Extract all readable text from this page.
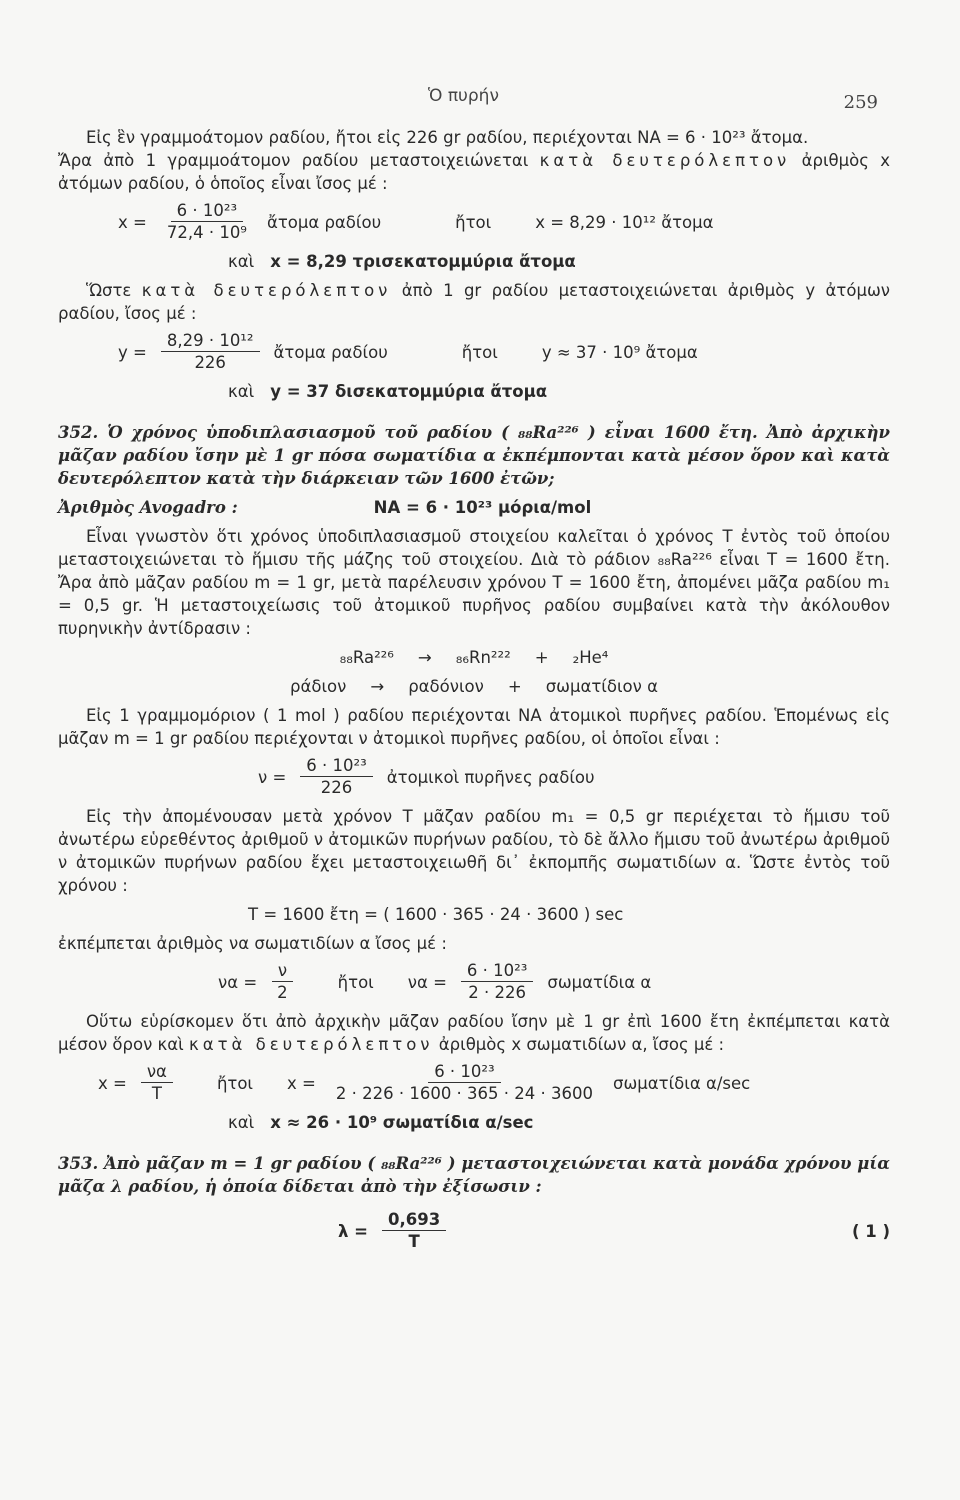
Ὁ πυρήν	259

Εἰς ἓν γραμμοάτομον ραδίου, ἤτοι εἰς 226 gr ραδίου, περιέχονται NA = 6 · 10²³ ἄτομα.

Ἄρα ἀπὸ 1 γραμμοάτομον ραδίου μεταστοιχειώνεται κατὰ δευτερόλεπτον ἀριθμὸς x ἀτόμων ραδίου, ὁ ὁποῖος εἶναι ἴσος μέ :

$x = \frac{\text{6 · 10²³}}{\text{72,4 · 10⁹}}$ ἄτομα ραδίου	ἤτοι	x = 8,29 · 10¹² ἄτομα
καὶ x = 8,29 τρισεκατομμύρια ἄτομα

Ὥστε κατὰ δευτερόλεπτον ἀπὸ 1 gr ραδίου μεταστοιχειώνεται ἀριθμὸς y ἀτόμων ραδίου, ἴσος μέ :

$y = \frac{\text{8,29 · 10¹²}}{226}$ ἄτομα ραδίου	ἤτοι	y ≈ 37 · 10⁹ ἄτομα
καὶ y = 37 δισεκατομμύρια ἄτομα

352. Ὁ χρόνος ὑποδιπλασιασμοῦ τοῦ ραδίου ( ₈₈Ra²²⁶ ) εἶναι 1600 ἔτη. Ἀπὸ ἀρχικὴν μᾶζαν ραδίου ἴσην μὲ 1 gr πόσα σωματίδια α ἐκπέμπονται κατὰ μέσον ὅρον καὶ κατὰ δευτερόλεπτον κατὰ τὴν διάρκειαν τῶν 1600 ἐτῶν;

Ἀριθμὸς Avogadro :	NA = 6 · 10²³ μόρια/mol

Εἶναι γνωστὸν ὅτι χρόνος ὑποδιπλασιασμοῦ στοιχείου καλεῖται ὁ χρόνος T ἐντὸς τοῦ ὁποίου μεταστοιχειώνεται τὸ ἥμισυ τῆς μάζης τοῦ στοιχείου. Διὰ τὸ ράδιον ₈₈Ra²²⁶ εἶναι T = 1600 ἔτη. Ἄρα ἀπὸ μᾶζαν ραδίου m = 1 gr, μετὰ παρέλευσιν χρόνου T = 1600 ἔτη, ἀπομένει μᾶζα ραδίου m₁ = 0,5 gr. Ἡ μεταστοιχείωσις τοῦ ἀτομικοῦ πυρῆνος ραδίου συμβαίνει κατὰ τὴν ἀκόλουθον πυρηνικὴν ἀντίδρασιν :

₈₈Ra²²⁶ → ₈₆Rn²²² + ₂He⁴
ράδιον → ραδόνιον + σωματίδιον α

Εἰς 1 γραμμομόριον ( 1 mol ) ραδίου περιέχονται NA ἀτομικοὶ πυρῆνες ραδίου. Ἑπομένως εἰς μᾶζαν m = 1 gr ραδίου περιέχονται ν ἀτομικοὶ πυρῆνες ραδίου, οἱ ὁποῖοι εἶναι :

$\nu = \frac{\text{6 · 10²³}}{226}$ ἀτομικοὶ πυρῆνες ραδίου

Εἰς τὴν ἀπομένουσαν μετὰ χρόνον T μᾶζαν ραδίου m₁ = 0,5 gr περιέχεται τὸ ἥμισυ τοῦ ἀνωτέρω εὑρεθέντος ἀριθμοῦ ν ἀτομικῶν πυρήνων ραδίου, τὸ δὲ ἄλλο ἥμισυ τοῦ ἀνωτέρω ἀριθμοῦ ν ἀτομικῶν πυρήνων ραδίου ἔχει μεταστοιχειωθῆ δι᾽ ἐκπομπῆς σωματιδίων α. Ὥστε ἐντὸς τοῦ χρόνου :

T = 1600 ἔτη = ( 1600 · 365 · 24 · 3600 ) sec

ἐκπέμπεται ἀριθμὸς να σωματιδίων α ἴσος μέ :

$\nu\alpha = \frac{\nu}{2}$	ἤτοι $\nu\alpha = \frac{\text{6 · 10²³}}{2 \cdot 226}$ σωματίδια α

Οὕτω εὑρίσκομεν ὅτι ἀπὸ ἀρχικὴν μᾶζαν ραδίου ἴσην μὲ 1 gr ἐπὶ 1600 ἔτη ἐκπέμπεται κατὰ μέσον ὅρον καὶ κατὰ δευτερόλεπτον ἀριθμὸς x σωματιδίων α, ἴσος μέ :

$x = \frac{\nu\alpha}{T}$	ἤτοι $x = \frac{\text{6 · 10²³}}{2 \cdot 226 \cdot 1600 \cdot 365 \cdot 24 \cdot 3600}$ σωματίδια α/sec
καὶ x ≈ 26 · 10⁹ σωματίδια α/sec

353. Ἀπὸ μᾶζαν m = 1 gr ραδίου ( ₈₈Ra²²⁶ ) μεταστοιχειώνεται κατὰ μονάδα χρόνου μία μᾶζα λ ραδίου, ἡ ὁποία δίδεται ἀπὸ τὴν ἐξίσωσιν :

$\lambda = \frac{0,693}{T}$	( 1 )
